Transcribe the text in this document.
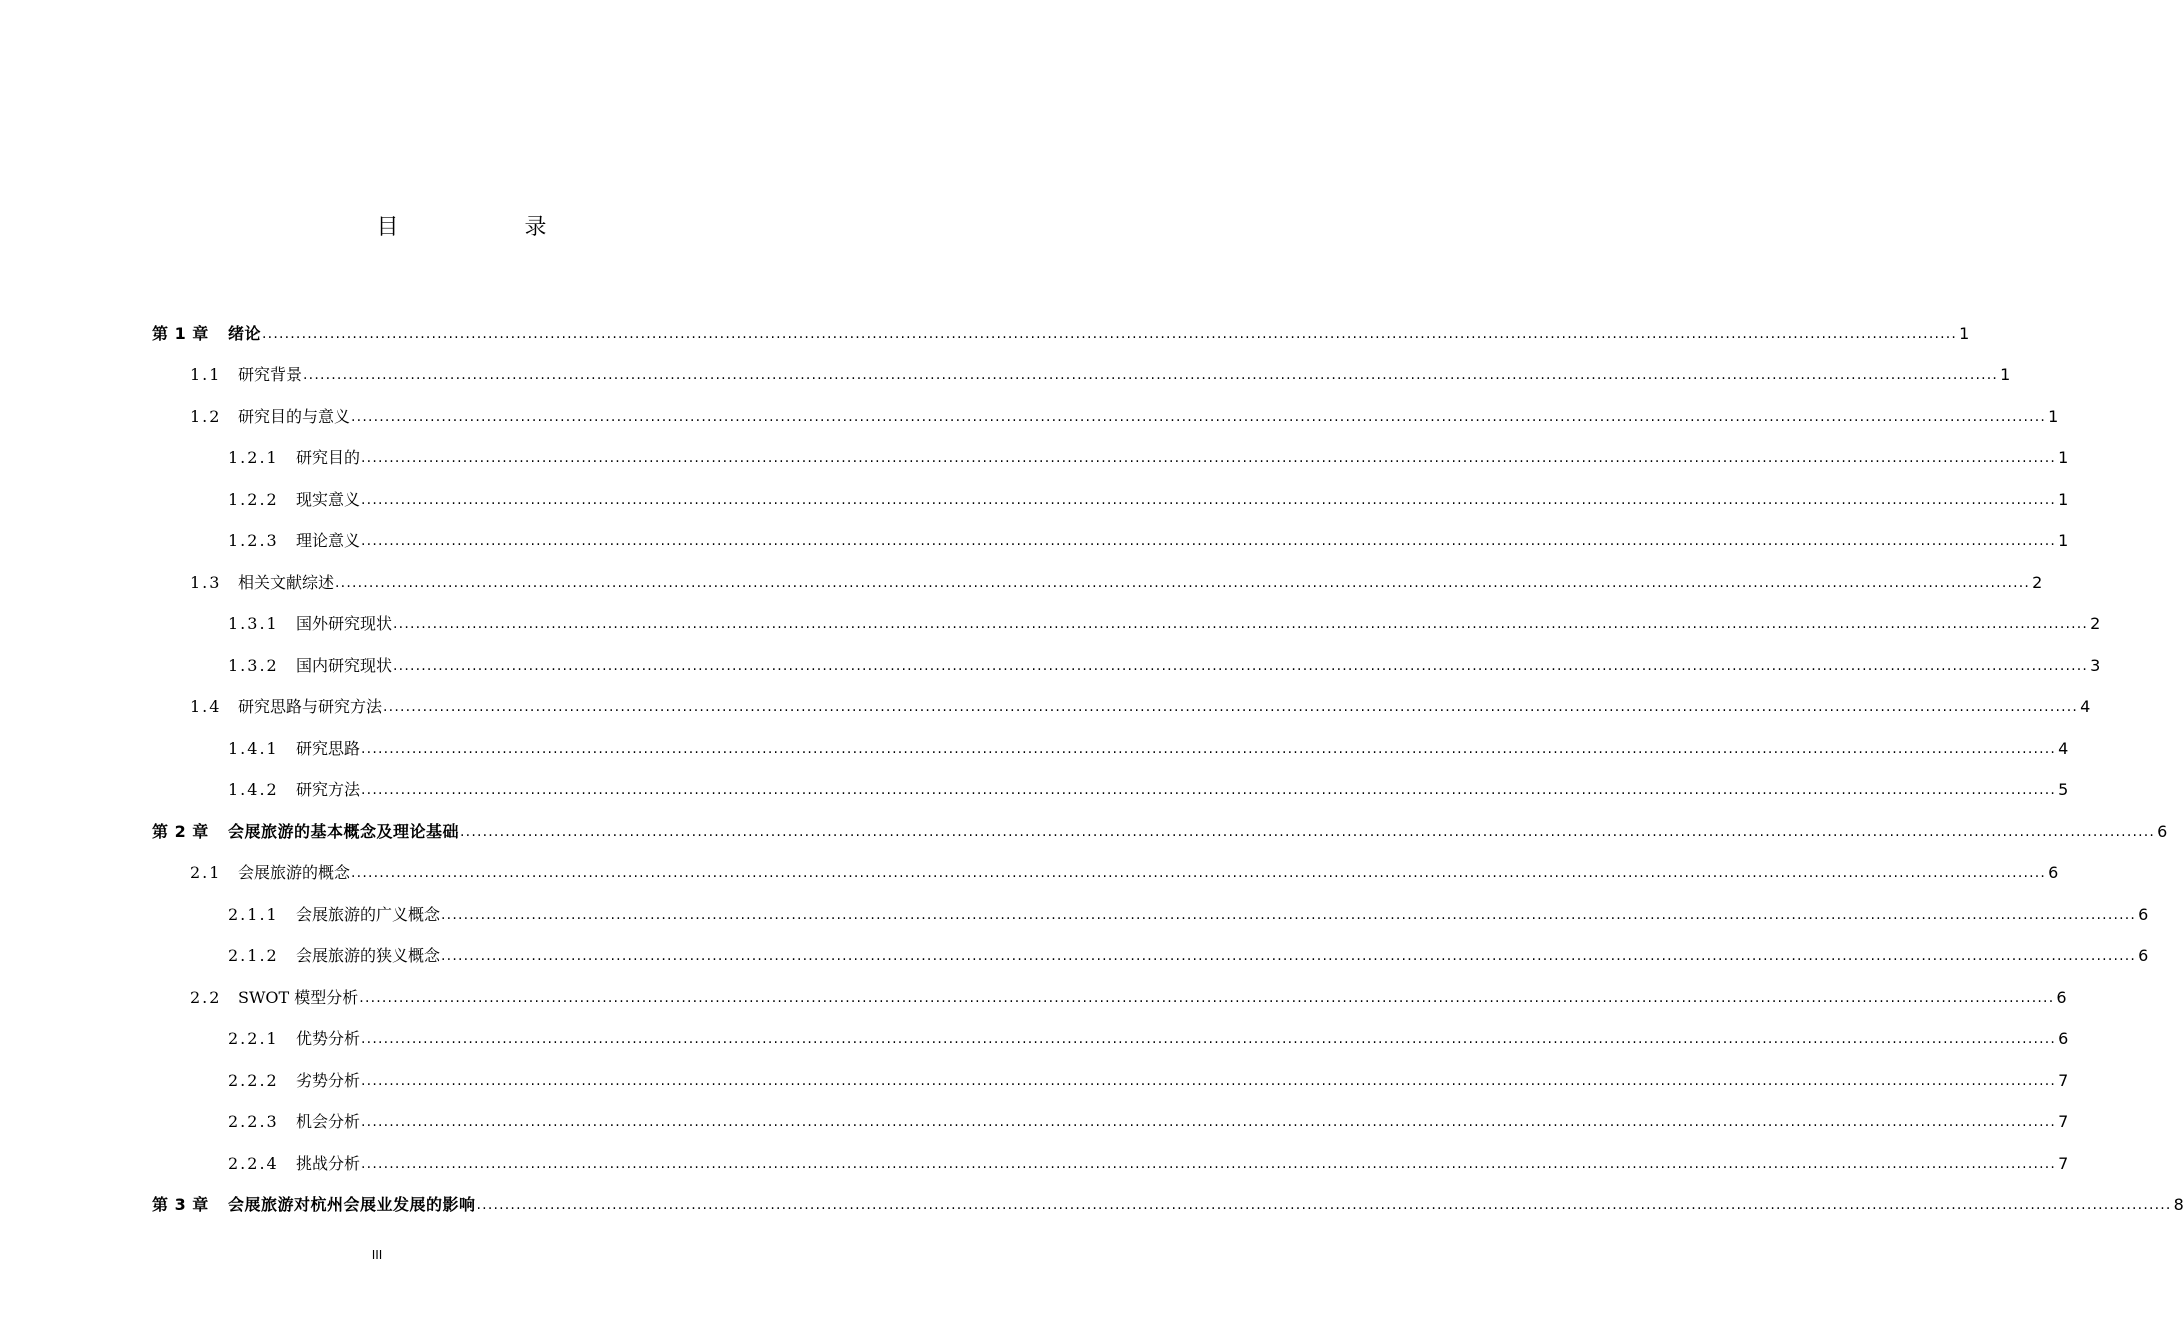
目　录
第 1 章	绪论 ............................................................................................................................................................................................................................................................................................................ 1
1.1	研究背景 ............................................................................................................................................................................................................................................................................................................ 1
1.2	研究目的与意义 ............................................................................................................................................................................................................................................................................................................ 1
1.2.1	研究目的 ............................................................................................................................................................................................................................................................................................................ 1
1.2.2	现实意义 ............................................................................................................................................................................................................................................................................................................ 1
1.2.3	理论意义 ............................................................................................................................................................................................................................................................................................................ 1
1.3	相关文献综述 ............................................................................................................................................................................................................................................................................................................ 2
1.3.1	国外研究现状 ............................................................................................................................................................................................................................................................................................................ 2
1.3.2	国内研究现状 ............................................................................................................................................................................................................................................................................................................ 3
1.4	研究思路与研究方法 ............................................................................................................................................................................................................................................................................................................ 4
1.4.1	研究思路 ............................................................................................................................................................................................................................................................................................................ 4
1.4.2	研究方法 ............................................................................................................................................................................................................................................................................................................ 5
第 2 章	会展旅游的基本概念及理论基础 ............................................................................................................................................................................................................................................................................................................ 6
2.1	会展旅游的概念 ............................................................................................................................................................................................................................................................................................................ 6
2.1.1	会展旅游的广义概念 ............................................................................................................................................................................................................................................................................................................ 6
2.1.2	会展旅游的狭义概念 ............................................................................................................................................................................................................................................................................................................ 6
2.2	SWOT 模型分析 ............................................................................................................................................................................................................................................................................................................ 6
2.2.1	优势分析 ............................................................................................................................................................................................................................................................................................................ 6
2.2.2	劣势分析 ............................................................................................................................................................................................................................................................................................................ 7
2.2.3	机会分析 ............................................................................................................................................................................................................................................................................................................ 7
2.2.4	挑战分析 ............................................................................................................................................................................................................................................................................................................ 7
第 3 章	会展旅游对杭州会展业发展的影响 ............................................................................................................................................................................................................................................................................................................ 8
III
